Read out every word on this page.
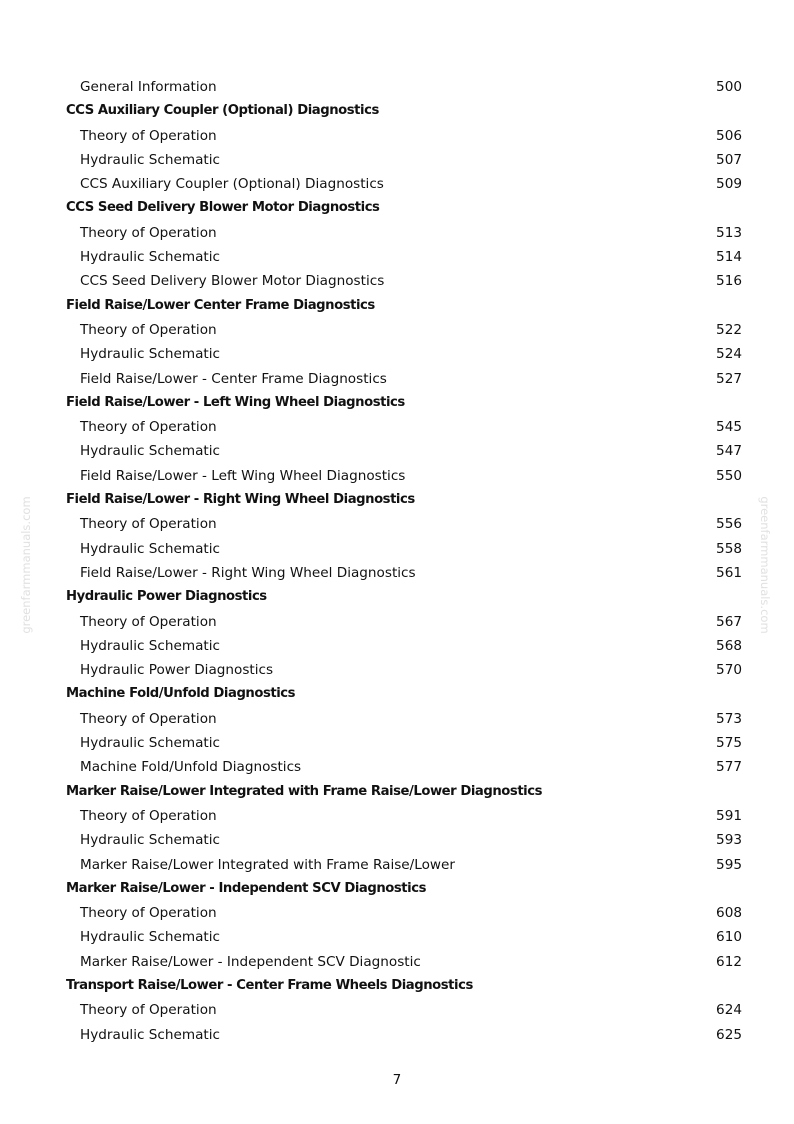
greenfarmmanuals.com	greenfarmmanuals.com
General Information	500
CCS Auxiliary Coupler (Optional) Diagnostics
Theory of Operation	506
Hydraulic Schematic	507
CCS Auxiliary Coupler (Optional) Diagnostics	509
CCS Seed Delivery Blower Motor Diagnostics
Theory of Operation	513
Hydraulic Schematic	514
CCS Seed Delivery Blower Motor Diagnostics	516
Field Raise/Lower Center Frame Diagnostics
Theory of Operation	522
Hydraulic Schematic	524
Field Raise/Lower - Center Frame Diagnostics	527
Field Raise/Lower - Left Wing Wheel Diagnostics
Theory of Operation	545
Hydraulic Schematic	547
Field Raise/Lower - Left Wing Wheel Diagnostics	550
Field Raise/Lower - Right Wing Wheel Diagnostics
Theory of Operation	556
Hydraulic Schematic	558
Field Raise/Lower - Right Wing Wheel Diagnostics	561
Hydraulic Power Diagnostics
Theory of Operation	567
Hydraulic Schematic	568
Hydraulic Power Diagnostics	570
Machine Fold/Unfold Diagnostics
Theory of Operation	573
Hydraulic Schematic	575
Machine Fold/Unfold Diagnostics	577
Marker Raise/Lower Integrated with Frame Raise/Lower Diagnostics
Theory of Operation	591
Hydraulic Schematic	593
Marker Raise/Lower Integrated with Frame Raise/Lower	595
Marker Raise/Lower - Independent SCV Diagnostics
Theory of Operation	608
Hydraulic Schematic	610
Marker Raise/Lower - Independent SCV Diagnostic	612
Transport Raise/Lower - Center Frame Wheels Diagnostics
Theory of Operation	624
Hydraulic Schematic	625
7
